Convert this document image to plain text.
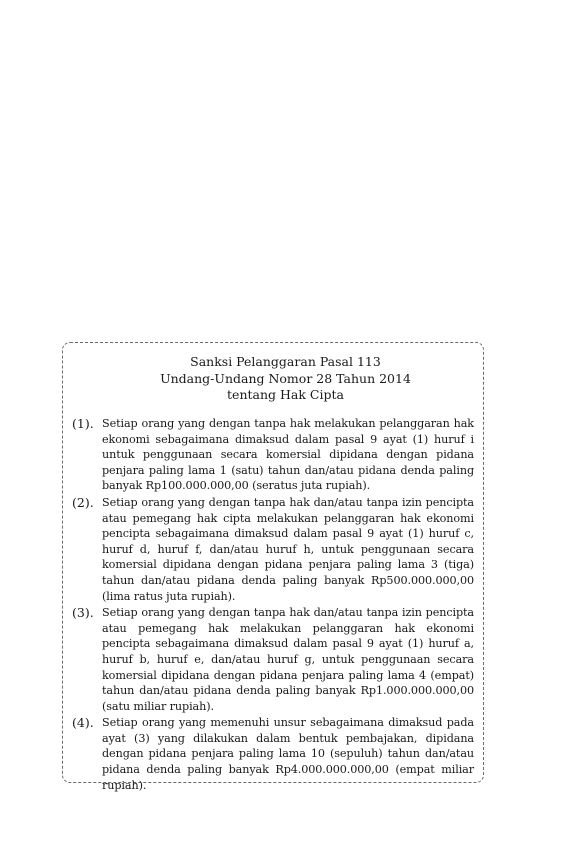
Sanksi Pelanggaran Pasal 113
Undang-Undang Nomor 28 Tahun 2014
tentang Hak Cipta
(1). Setiap orang yang dengan tanpa hak melakukan pelanggaran hak ekonomi sebagaimana dimaksud dalam pasal 9 ayat (1) huruf i untuk penggunaan secara komersial dipidana dengan pidana penjara paling lama 1 (satu) tahun dan/atau pidana denda paling banyak Rp100.000.000,00 (seratus juta rupiah).
(2). Setiap orang yang dengan tanpa hak dan/atau tanpa izin pencipta atau pemegang hak cipta melakukan pelanggaran hak ekonomi pencipta sebagaimana dimaksud dalam pasal 9 ayat (1) huruf c, huruf d, huruf f, dan/atau huruf h, untuk penggunaan secara komersial dipidana dengan pidana penjara paling lama 3 (tiga) tahun dan/atau pidana denda paling banyak Rp500.000.000,00 (lima ratus juta rupiah).
(3). Setiap orang yang dengan tanpa hak dan/atau tanpa izin pencipta atau pemegang hak melakukan pelanggaran hak ekonomi pencipta sebagaimana dimaksud dalam pasal 9 ayat (1) huruf a, huruf b, huruf e, dan/atau huruf g, untuk penggunaan secara komersial dipidana dengan pidana penjara paling lama 4 (empat) tahun dan/atau pidana denda paling banyak Rp1.000.000.000,00 (satu miliar rupiah).
(4). Setiap orang yang memenuhi unsur sebagaimana dimaksud pada ayat (3) yang dilakukan dalam bentuk pembajakan, dipidana dengan pidana penjara paling lama 10 (sepuluh) tahun dan/atau pidana denda paling banyak Rp4.000.000.000,00 (empat miliar rupiah).
